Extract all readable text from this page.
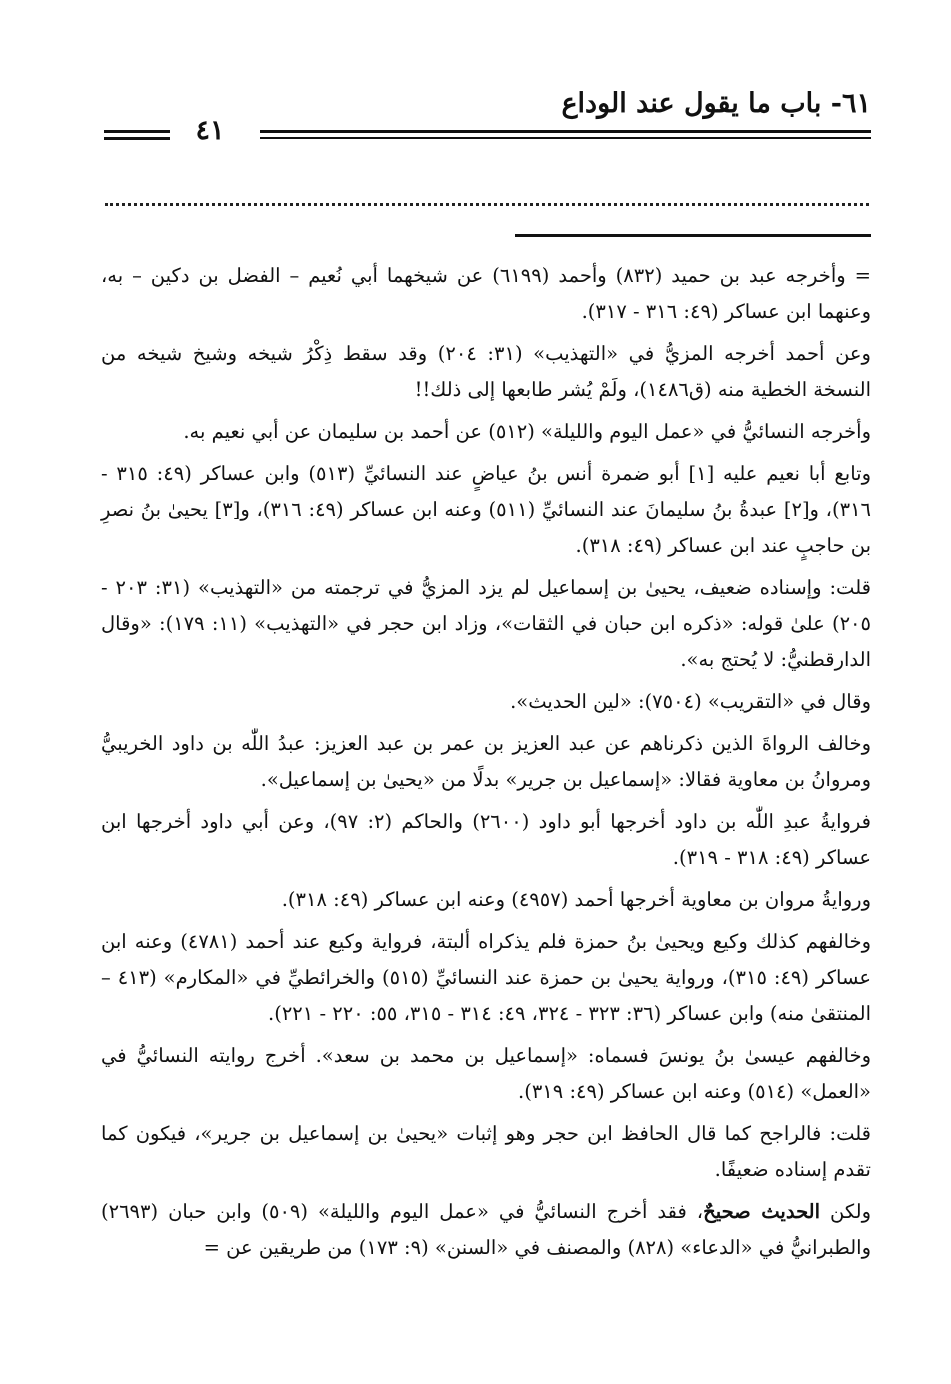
٦١- باب ما يقول عند الوداع
٤١

= وأخرجه عبد بن حميد (٨٣٢) وأحمد (٦١٩٩) عن شيخهما أبي نُعيم – الفضل بن دكين – به، وعنهما ابن عساكر (٤٩: ٣١٦ - ٣١٧).

وعن أحمد أخرجه المزيُّ في «التهذيب» (٣١: ٢٠٤) وقد سقط ذِكْرُ شيخه وشيخ شيخه من النسخة الخطية منه (ق١٤٨٦)، ولَمْ يُشر طابعها إلى ذلك!!

وأخرجه النسائيُّ في «عمل اليوم والليلة» (٥١٢) عن أحمد بن سليمان عن أبي نعيم به.

وتابع أبا نعيم عليه [١] أبو ضمرة أنس بنُ عياضٍ عند النسائيِّ (٥١٣) وابن عساكر (٤٩: ٣١٥ - ٣١٦)، و[٢] عبدةُ بنُ سليمانَ عند النسائيِّ (٥١١) وعنه ابن عساكر (٤٩: ٣١٦)، و[٣] يحيىٰ بنُ نصرِ بن حاجبٍ عند ابن عساكر (٤٩: ٣١٨).

قلت: وإسناده ضعيف، يحيىٰ بن إسماعيل لم يزد المزيُّ في ترجمته من «التهذيب» (٣١: ٢٠٣ - ٢٠٥) علىٰ قوله: «ذكره ابن حبان في الثقات»، وزاد ابن حجر في «التهذيب» (١١: ١٧٩): «وقال الدارقطنيُّ: لا يُحتج به».

وقال في «التقريب» (٧٥٠٤): «لين الحديث».

وخالف الرواةَ الذين ذكرناهم عن عبد العزيز بن عمر بن عبد العزيز: عبدُ اللّٰه بن داود الخريبيُّ ومروانُ بن معاوية فقالا: «إسماعيل بن جرير» بدلًا من «يحيىٰ بن إسماعيل».

فروايةُ عبدِ اللّٰه بن داود أخرجها أبو داود (٢٦٠٠) والحاكم (٢: ٩٧)، وعن أبي داود أخرجها ابن عساكر (٤٩: ٣١٨ - ٣١٩).

وروايةُ مروان بن معاوية أخرجها أحمد (٤٩٥٧) وعنه ابن عساكر (٤٩: ٣١٨).

وخالفهم كذلك وكيع ويحيىٰ بنُ حمزة فلم يذكراه ألبتة، فرواية وكيع عند أحمد (٤٧٨١) وعنه ابن عساكر (٤٩: ٣١٥)، ورواية يحيىٰ بن حمزة عند النسائيِّ (٥١٥) والخرائطيِّ في «المكارم» (٤١٣ – المنتقىٰ منه) وابن عساكر (٣٦: ٣٢٣ - ٣٢٤، ٤٩: ٣١٤ - ٣١٥، ٥٥: ٢٢٠ - ٢٢١).

وخالفهم عيسىٰ بنُ يونسَ فسماه: «إسماعيل بن محمد بن سعد». أخرج روايته النسائيُّ في «العمل» (٥١٤) وعنه ابن عساكر (٤٩: ٣١٩).

قلت: فالراجح كما قال الحافظ ابن حجر وهو إثبات «يحيىٰ بن إسماعيل بن جرير»، فيكون كما تقدم إسناده ضعيفًا.

ولكن الحديث صحيحٌ، فقد أخرج النسائيُّ في «عمل اليوم والليلة» (٥٠٩) وابن حبان (٢٦٩٣) والطبرانيُّ في «الدعاء» (٨٢٨) والمصنف في «السنن» (٩: ١٧٣) من طريقين عن =
